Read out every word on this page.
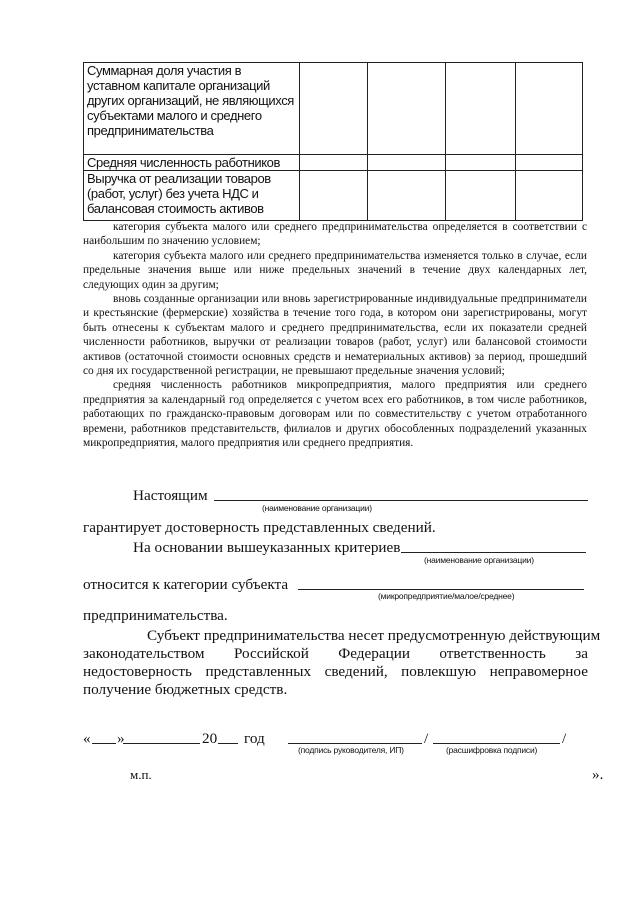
Суммарная доля участия в уставном капитале организаций других организаций, не являющихся субъектами малого и среднего предпринимательства				
Средняя численность работников				
Выручка от реализации товаров (работ, услуг) без учета НДС и балансовая стоимость активов				

категория субъекта малого или среднего предпринимательства определяется в соответствии с наибольшим по значению условием;

категория субъекта малого или среднего предпринимательства изменяется только в случае, если предельные значения выше или ниже предельных значений в течение двух календарных лет, следующих один за другим;

вновь созданные организации или вновь зарегистрированные индивидуальные предприниматели и крестьянские (фермерские) хозяйства в течение того года, в котором они зарегистрированы, могут быть отнесены к субъектам малого и среднего предпринимательства, если их показатели средней численности работников, выручки от реализации товаров (работ, услуг) или балансовой стоимости активов (остаточной стоимости основных средств и нематериальных активов) за период, прошедший со дня их государственной регистрации, не превышают предельные значения условий;

средняя численность работников микропредприятия, малого предприятия или среднего предприятия за календарный год определяется с учетом всех его работников, в том числе работников, работающих по гражданско-правовым договорам или по совместительству с учетом отработанного времени, работников представительств, филиалов и других обособленных подразделений указанных микропредприятия, малого предприятия или среднего предприятия.

Настоящим
(наименование организации)
гарантирует достоверность представленных сведений.
На основании вышеуказанных критериев
(наименование организации)
относится к категории субъекта
(микропредприятие/малое/среднее)
предпринимательства.
Субъект предпринимательства несет предусмотренную действующим
законодательством Российской Федерации ответственность за
недостоверность представленных сведений, повлекшую неправомерное
получение бюджетных средств.
« »	20 год	/	/
(подпись руководителя, ИП)	(расшифровка подписи)
м.п.	».
